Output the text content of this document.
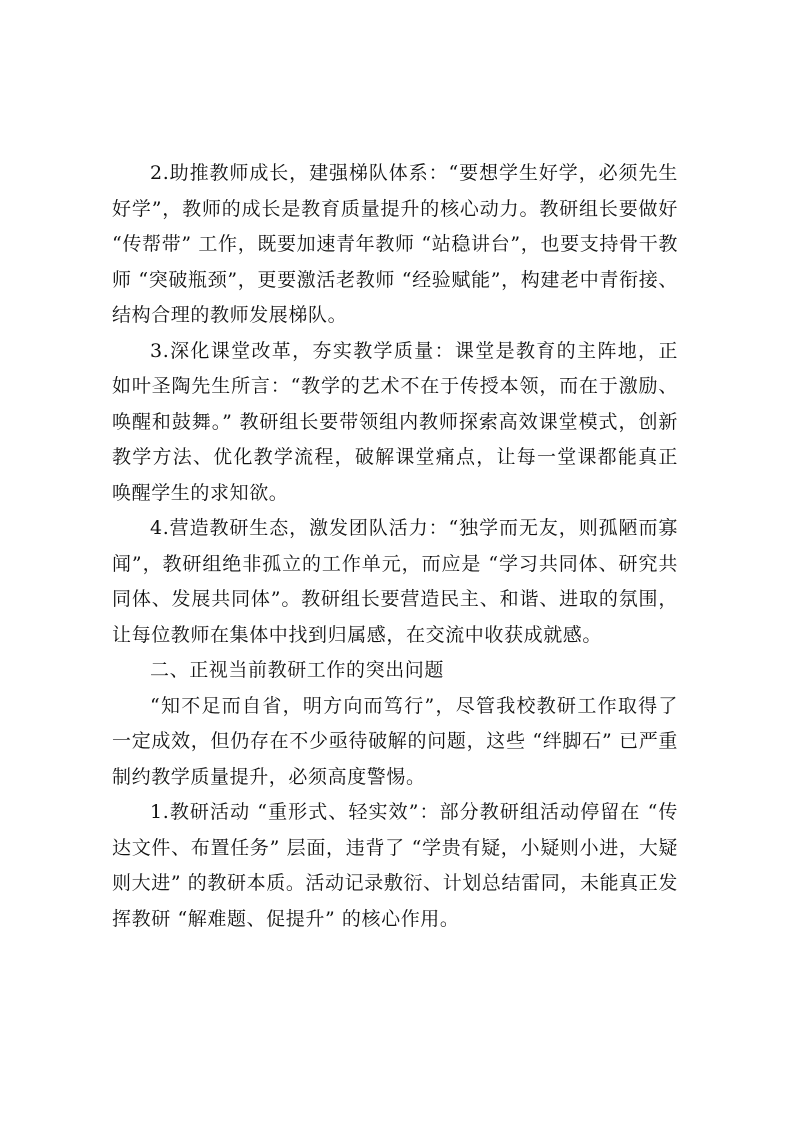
2.助推教师成长，建强梯队体系：“要想学生好学，必须先生好学”，教师的成长是教育质量提升的核心动力。教研组长要做好 “传帮带” 工作，既要加速青年教师 “站稳讲台”，也要支持骨干教师 “突破瓶颈”，更要激活老教师 “经验赋能”，构建老中青衔接、结构合理的教师发展梯队。

3.深化课堂改革，夯实教学质量：课堂是教育的主阵地，正如叶圣陶先生所言：“教学的艺术不在于传授本领，而在于激励、唤醒和鼓舞。” 教研组长要带领组内教师探索高效课堂模式，创新教学方法、优化教学流程，破解课堂痛点，让每一堂课都能真正唤醒学生的求知欲。

4.营造教研生态，激发团队活力：“独学而无友，则孤陋而寡闻”，教研组绝非孤立的工作单元，而应是 “学习共同体、研究共同体、发展共同体”。教研组长要营造民主、和谐、进取的氛围，让每位教师在集体中找到归属感，在交流中收获成就感。

二、正视当前教研工作的突出问题

“知不足而自省，明方向而笃行”，尽管我校教研工作取得了一定成效，但仍存在不少亟待破解的问题，这些 “绊脚石” 已严重制约教学质量提升，必须高度警惕。

1.教研活动 “重形式、轻实效”：部分教研组活动停留在 “传达文件、布置任务” 层面，违背了 “学贵有疑，小疑则小进，大疑则大进” 的教研本质。活动记录敷衍、计划总结雷同，未能真正发挥教研 “解难题、促提升” 的核心作用。
